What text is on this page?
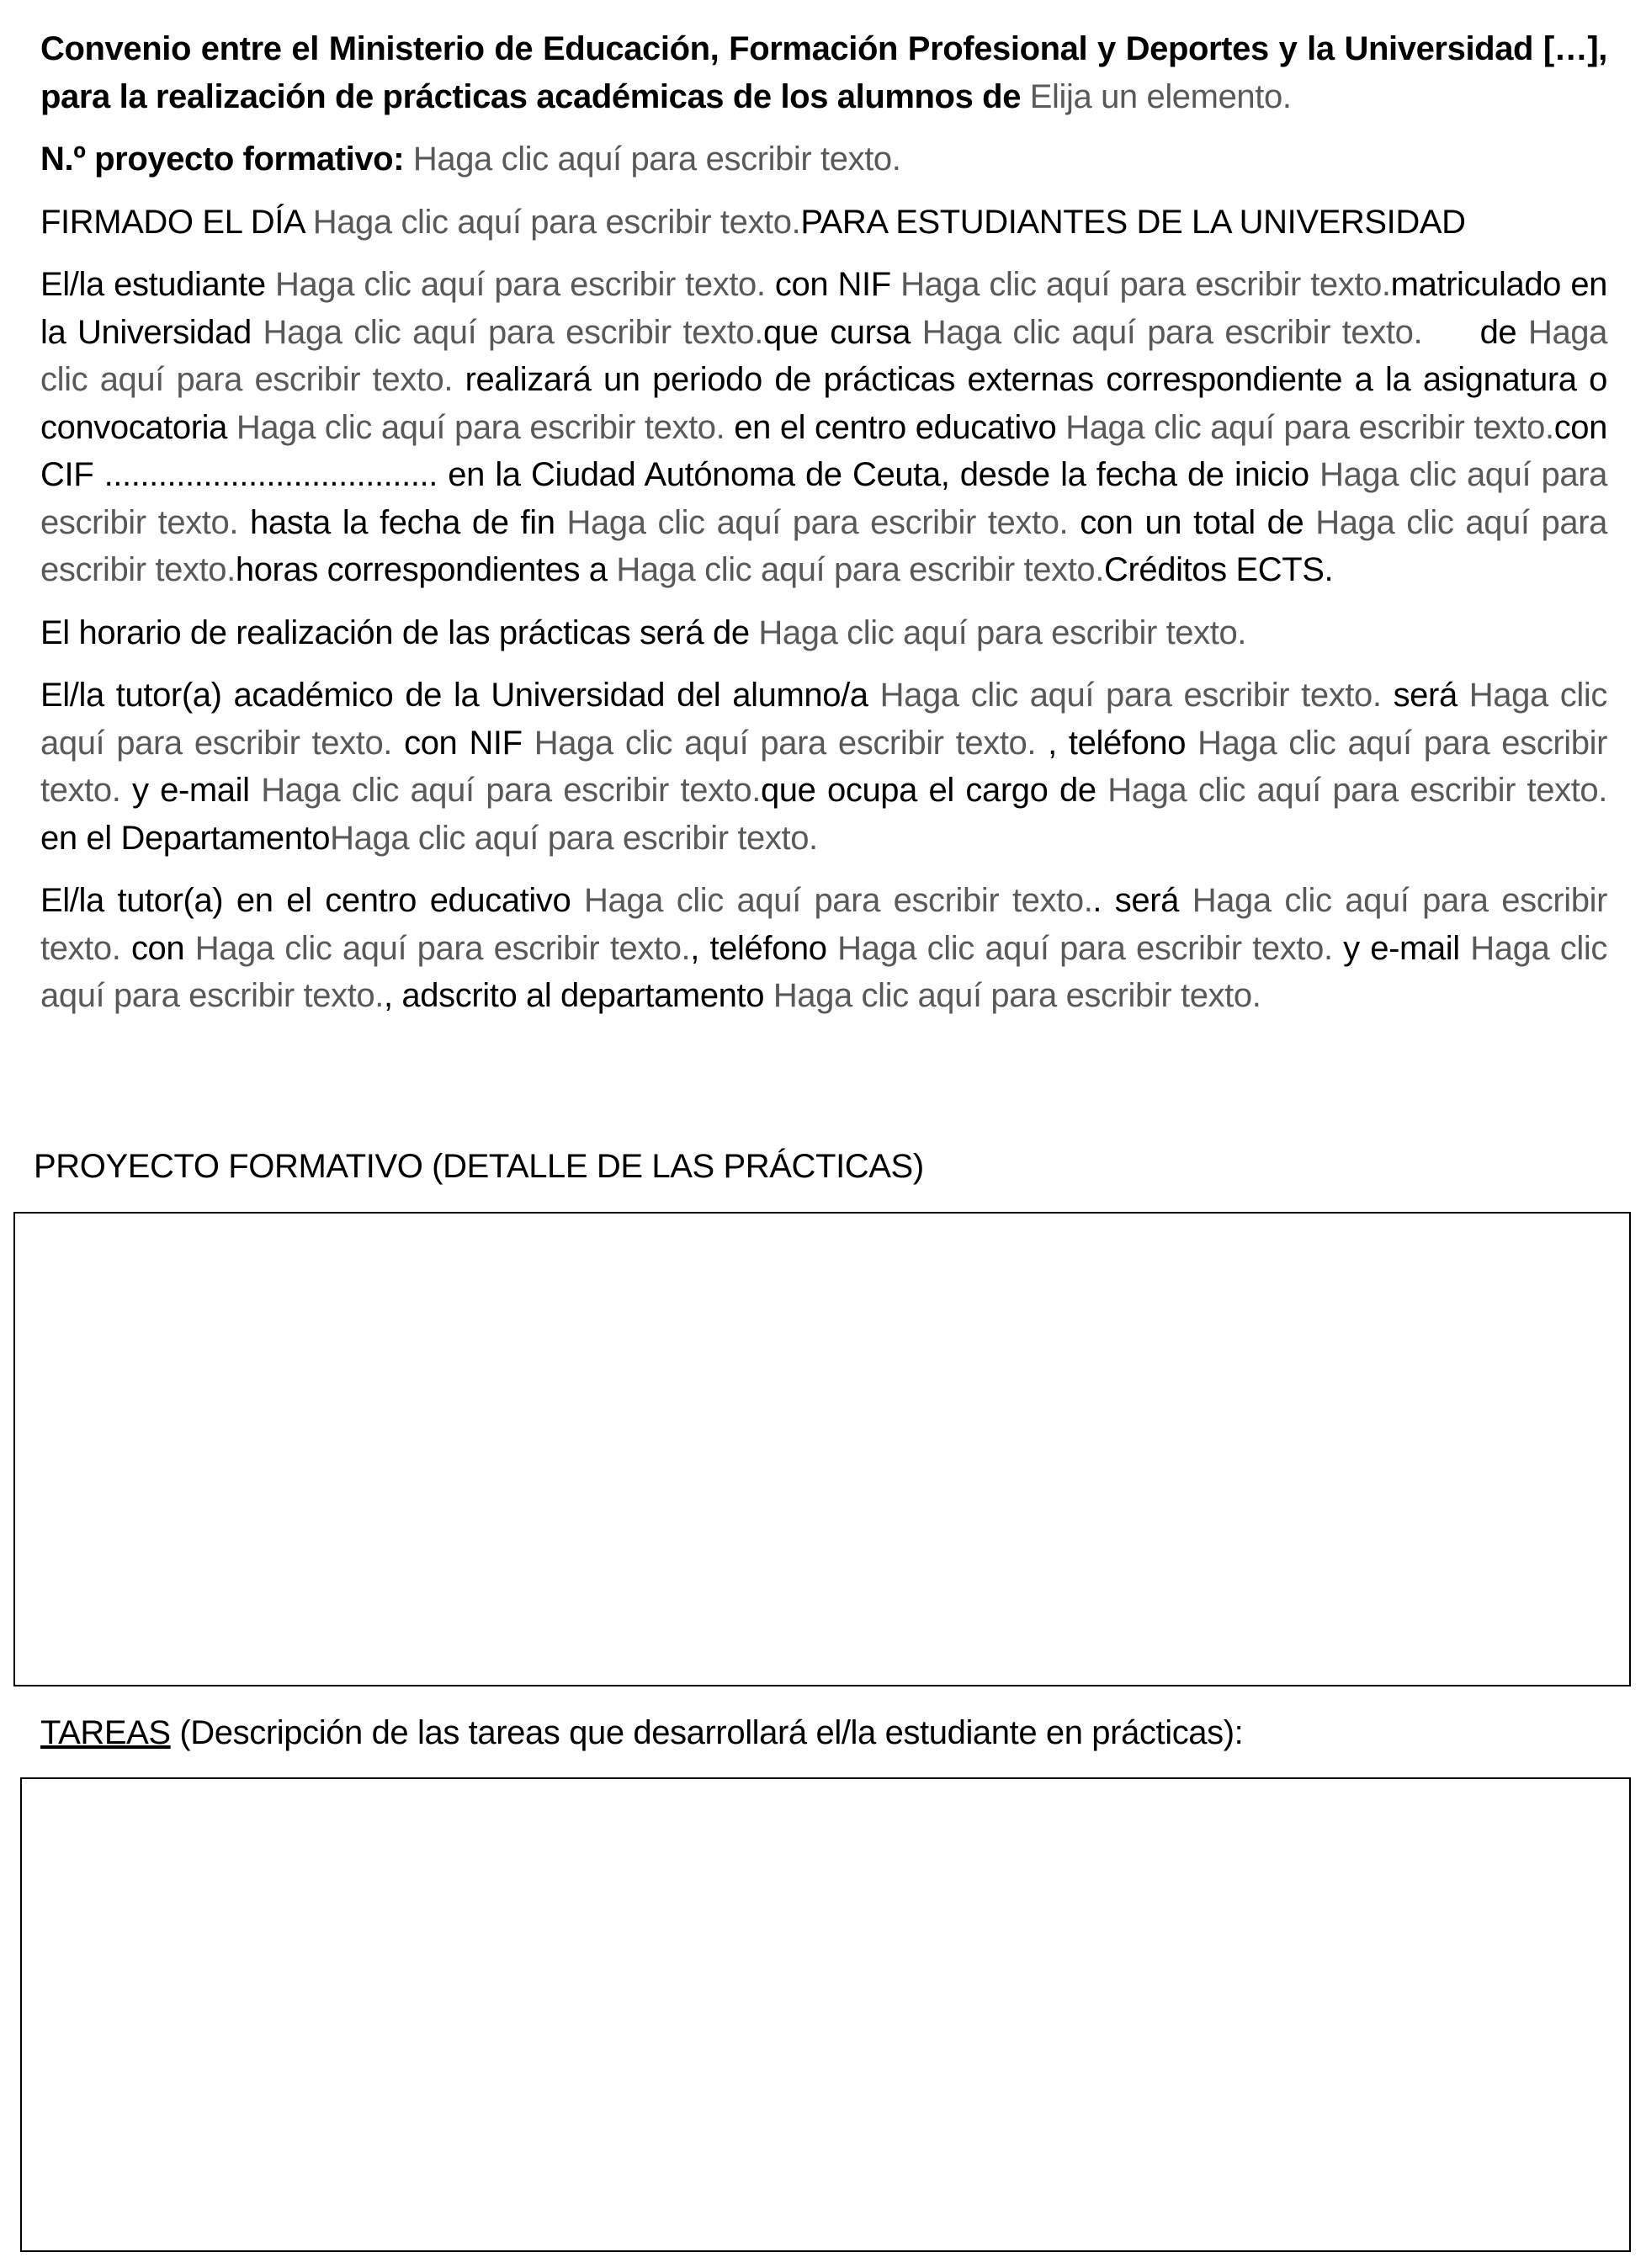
Convenio entre el Ministerio de Educación, Formación Profesional y Deportes y la Universidad […], para la realización de prácticas académicas de los alumnos de Elija un elemento.

N.º proyecto formativo: Haga clic aquí para escribir texto.

FIRMADO EL DÍA Haga clic aquí para escribir texto.PARA ESTUDIANTES DE LA UNIVERSIDAD

El/la estudiante Haga clic aquí para escribir texto. con NIF Haga clic aquí para escribir texto.matriculado en la Universidad Haga clic aquí para escribir texto.que cursa Haga clic aquí para escribir texto. de Haga clic aquí para escribir texto. realizará un periodo de prácticas externas correspondiente a la asignatura o convocatoria Haga clic aquí para escribir texto. en el centro educativo Haga clic aquí para escribir texto.con CIF ..................................... en la Ciudad Autónoma de Ceuta, desde la fecha de inicio Haga clic aquí para escribir texto. hasta la fecha de fin Haga clic aquí para escribir texto. con un total de Haga clic aquí para escribir texto.horas correspondientes a Haga clic aquí para escribir texto.Créditos ECTS.

El horario de realización de las prácticas será de Haga clic aquí para escribir texto.

El/la tutor(a) académico de la Universidad del alumno/a Haga clic aquí para escribir texto. será Haga clic aquí para escribir texto. con NIF Haga clic aquí para escribir texto. , teléfono Haga clic aquí para escribir texto. y e-mail Haga clic aquí para escribir texto.que ocupa el cargo de Haga clic aquí para escribir texto. en el DepartamentoHaga clic aquí para escribir texto.

El/la tutor(a) en el centro educativo Haga clic aquí para escribir texto.. será Haga clic aquí para escribir texto. con Haga clic aquí para escribir texto., teléfono Haga clic aquí para escribir texto. y e-mail Haga clic aquí para escribir texto., adscrito al departamento Haga clic aquí para escribir texto.

PROYECTO FORMATIVO (DETALLE DE LAS PRÁCTICAS)
TAREAS (Descripción de las tareas que desarrollará el/la estudiante en prácticas):
